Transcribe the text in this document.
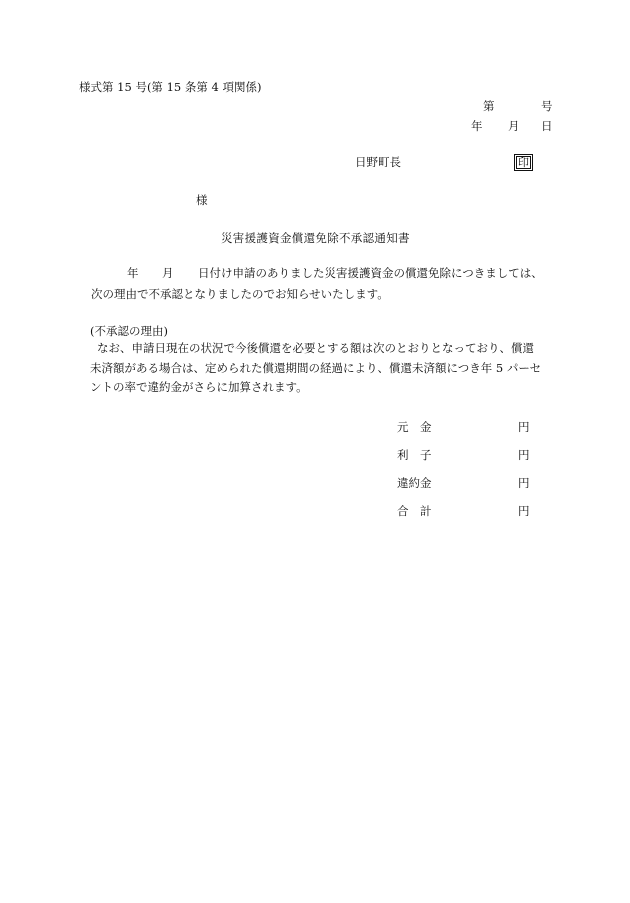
様式第 15 号(第 15 条第 4 項関係)
第	号
年 月 日
日野町長	印
様
災害援護資金償還免除不承認通知書
年 月 日付け申請のありました災害援護資金の償還免除につきましては、
次の理由で不承認となりましたのでお知らせいたします。
(不承認の理由)
なお、申請日現在の状況で今後償還を必要とする額は次のとおりとなっており、償還
未済額がある場合は、定められた償還期間の経過により、償還未済額につき年 5 パーセ
ントの率で違約金がさらに加算されます。
元　金	円
利　子	円
違約金	円
合　計	円
